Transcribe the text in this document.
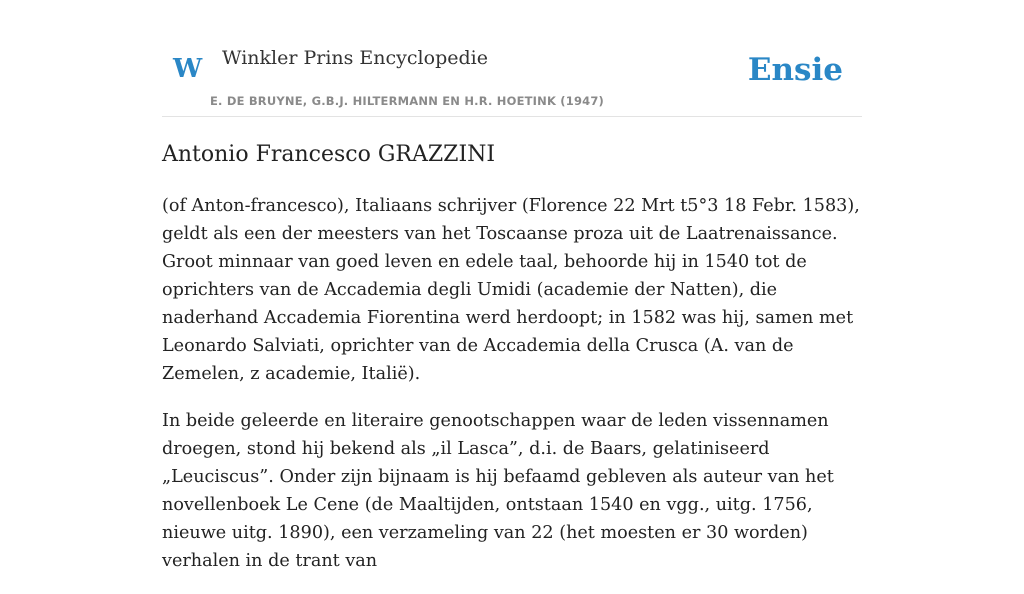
W Winkler Prins Encyclopedie
E. DE BRUYNE, G.B.J. HILTERMANN EN H.R. HOETINK (1947)
Ensie
Antonio Francesco GRAZZINI

(of Anton-francesco), Italiaans schrijver (Florence 22 Mrt t5°3 18 Febr. 1583), geldt als een der meesters van het Toscaanse proza uit de Laatrenaissance. Groot minnaar van goed leven en edele taal, behoorde hij in 1540 tot de oprichters van de Accademia degli Umidi (academie der Natten), die naderhand Accademia Fiorentina werd herdoopt; in 1582 was hij, samen met Leonardo Salviati, oprichter van de Accademia della Crusca (A. van de Zemelen, z academie, Italië).

In beide geleerde en literaire genootschappen waar de leden vissennamen droegen, stond hij bekend als „il Lasca”, d.i. de Baars, gelatiniseerd „Leuciscus”. Onder zijn bijnaam is hij befaamd gebleven als auteur van het novellenboek Le Cene (de Maaltijden, ontstaan 1540 en vgg., uitg. 1756, nieuwe uitg. 1890), een verzameling van 22 (het moesten er 30 worden) verhalen in de trant van
